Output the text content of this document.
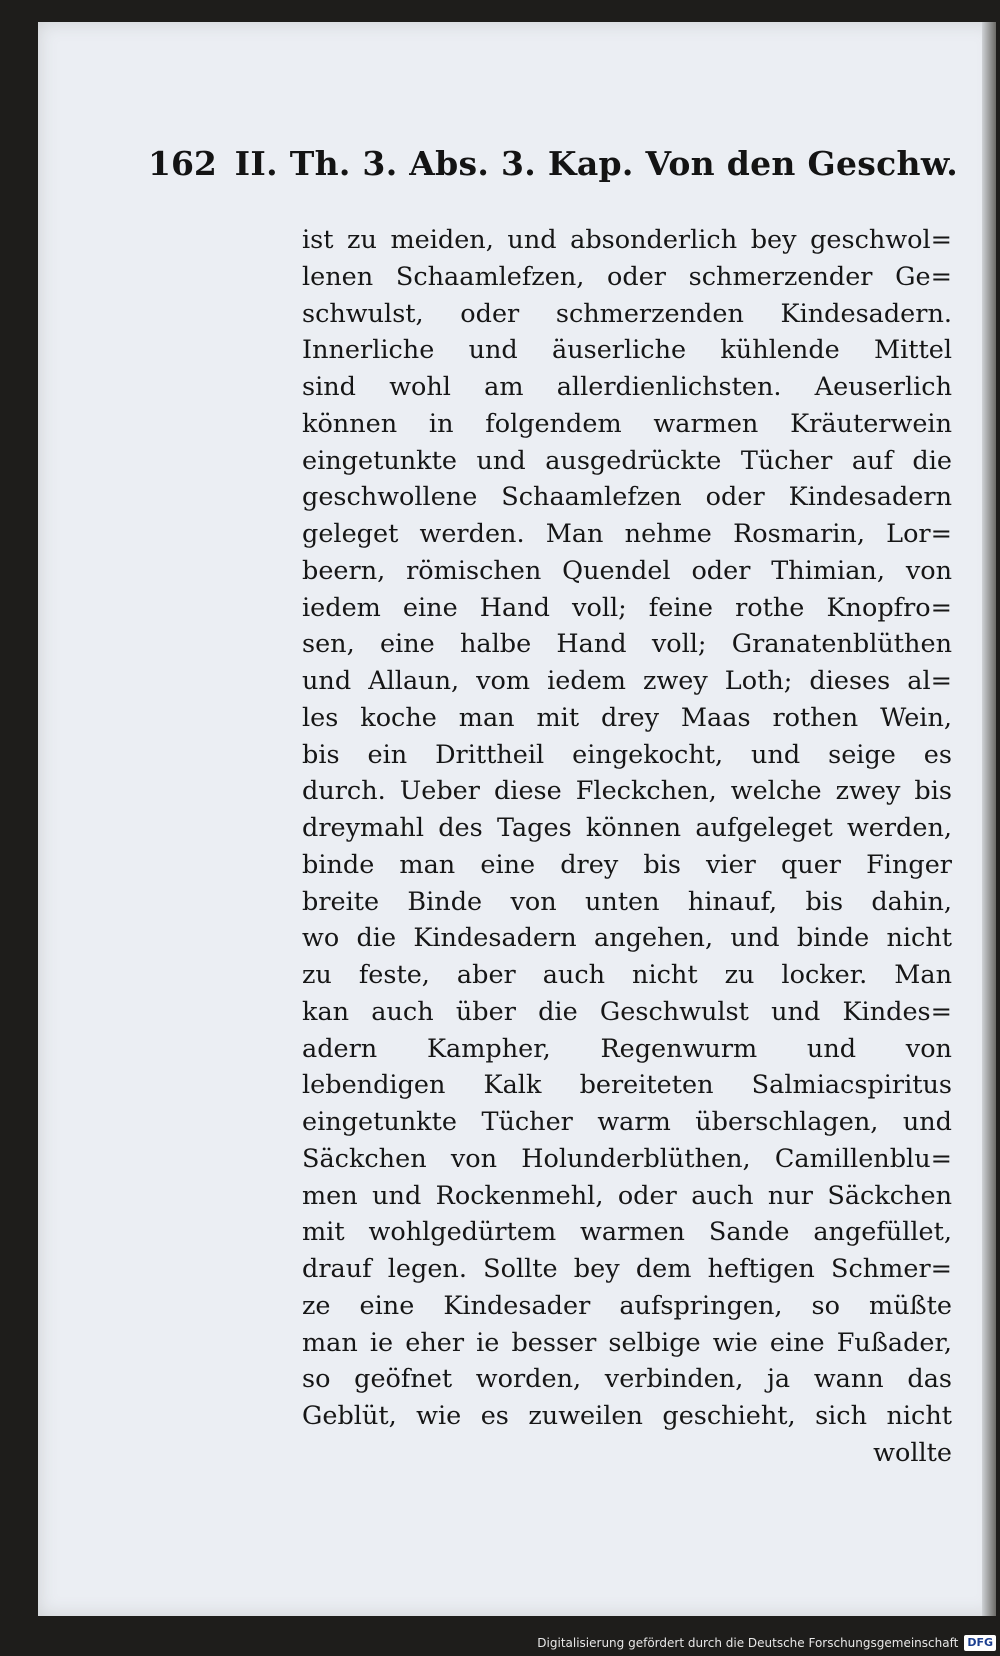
162 II. Th. 3. Abs. 3. Kap. Von den Geschw.
ist zu meiden, und absonderlich bey geschwol=
lenen Schaamlefzen, oder schmerzender Ge=
schwulst, oder schmerzenden Kindesadern.
Innerliche und äuserliche kühlende Mittel
sind wohl am allerdienlichsten. Aeuserlich
können in folgendem warmen Kräuterwein
eingetunkte und ausgedrückte Tücher auf die
geschwollene Schaamlefzen oder Kindesadern
geleget werden. Man nehme Rosmarin, Lor=
beern, römischen Quendel oder Thimian, von
iedem eine Hand voll; feine rothe Knopfro=
sen, eine halbe Hand voll; Granatenblüthen
und Allaun, vom iedem zwey Loth; dieses al=
les koche man mit drey Maas rothen Wein,
bis ein Drittheil eingekocht, und seige es
durch. Ueber diese Fleckchen, welche zwey bis
dreymahl des Tages können aufgeleget werden,
binde man eine drey bis vier quer Finger
breite Binde von unten hinauf, bis dahin,
wo die Kindesadern angehen, und binde nicht
zu feste, aber auch nicht zu locker. Man
kan auch über die Geschwulst und Kindes=
adern Kampher, Regenwurm und von
lebendigen Kalk bereiteten Salmiacspiritus
eingetunkte Tücher warm überschlagen, und
Säckchen von Holunderblüthen, Camillenblu=
men und Rockenmehl, oder auch nur Säckchen
mit wohlgedürtem warmen Sande angefüllet,
drauf legen. Sollte bey dem heftigen Schmer=
ze eine Kindesader aufspringen, so müßte
man ie eher ie besser selbige wie eine Fußader,
so geöfnet worden, verbinden, ja wann das
Geblüt, wie es zuweilen geschieht, sich nicht
wollte
Digitalisierung gefördert durch die Deutsche Forschungsgemeinschaft DFG
